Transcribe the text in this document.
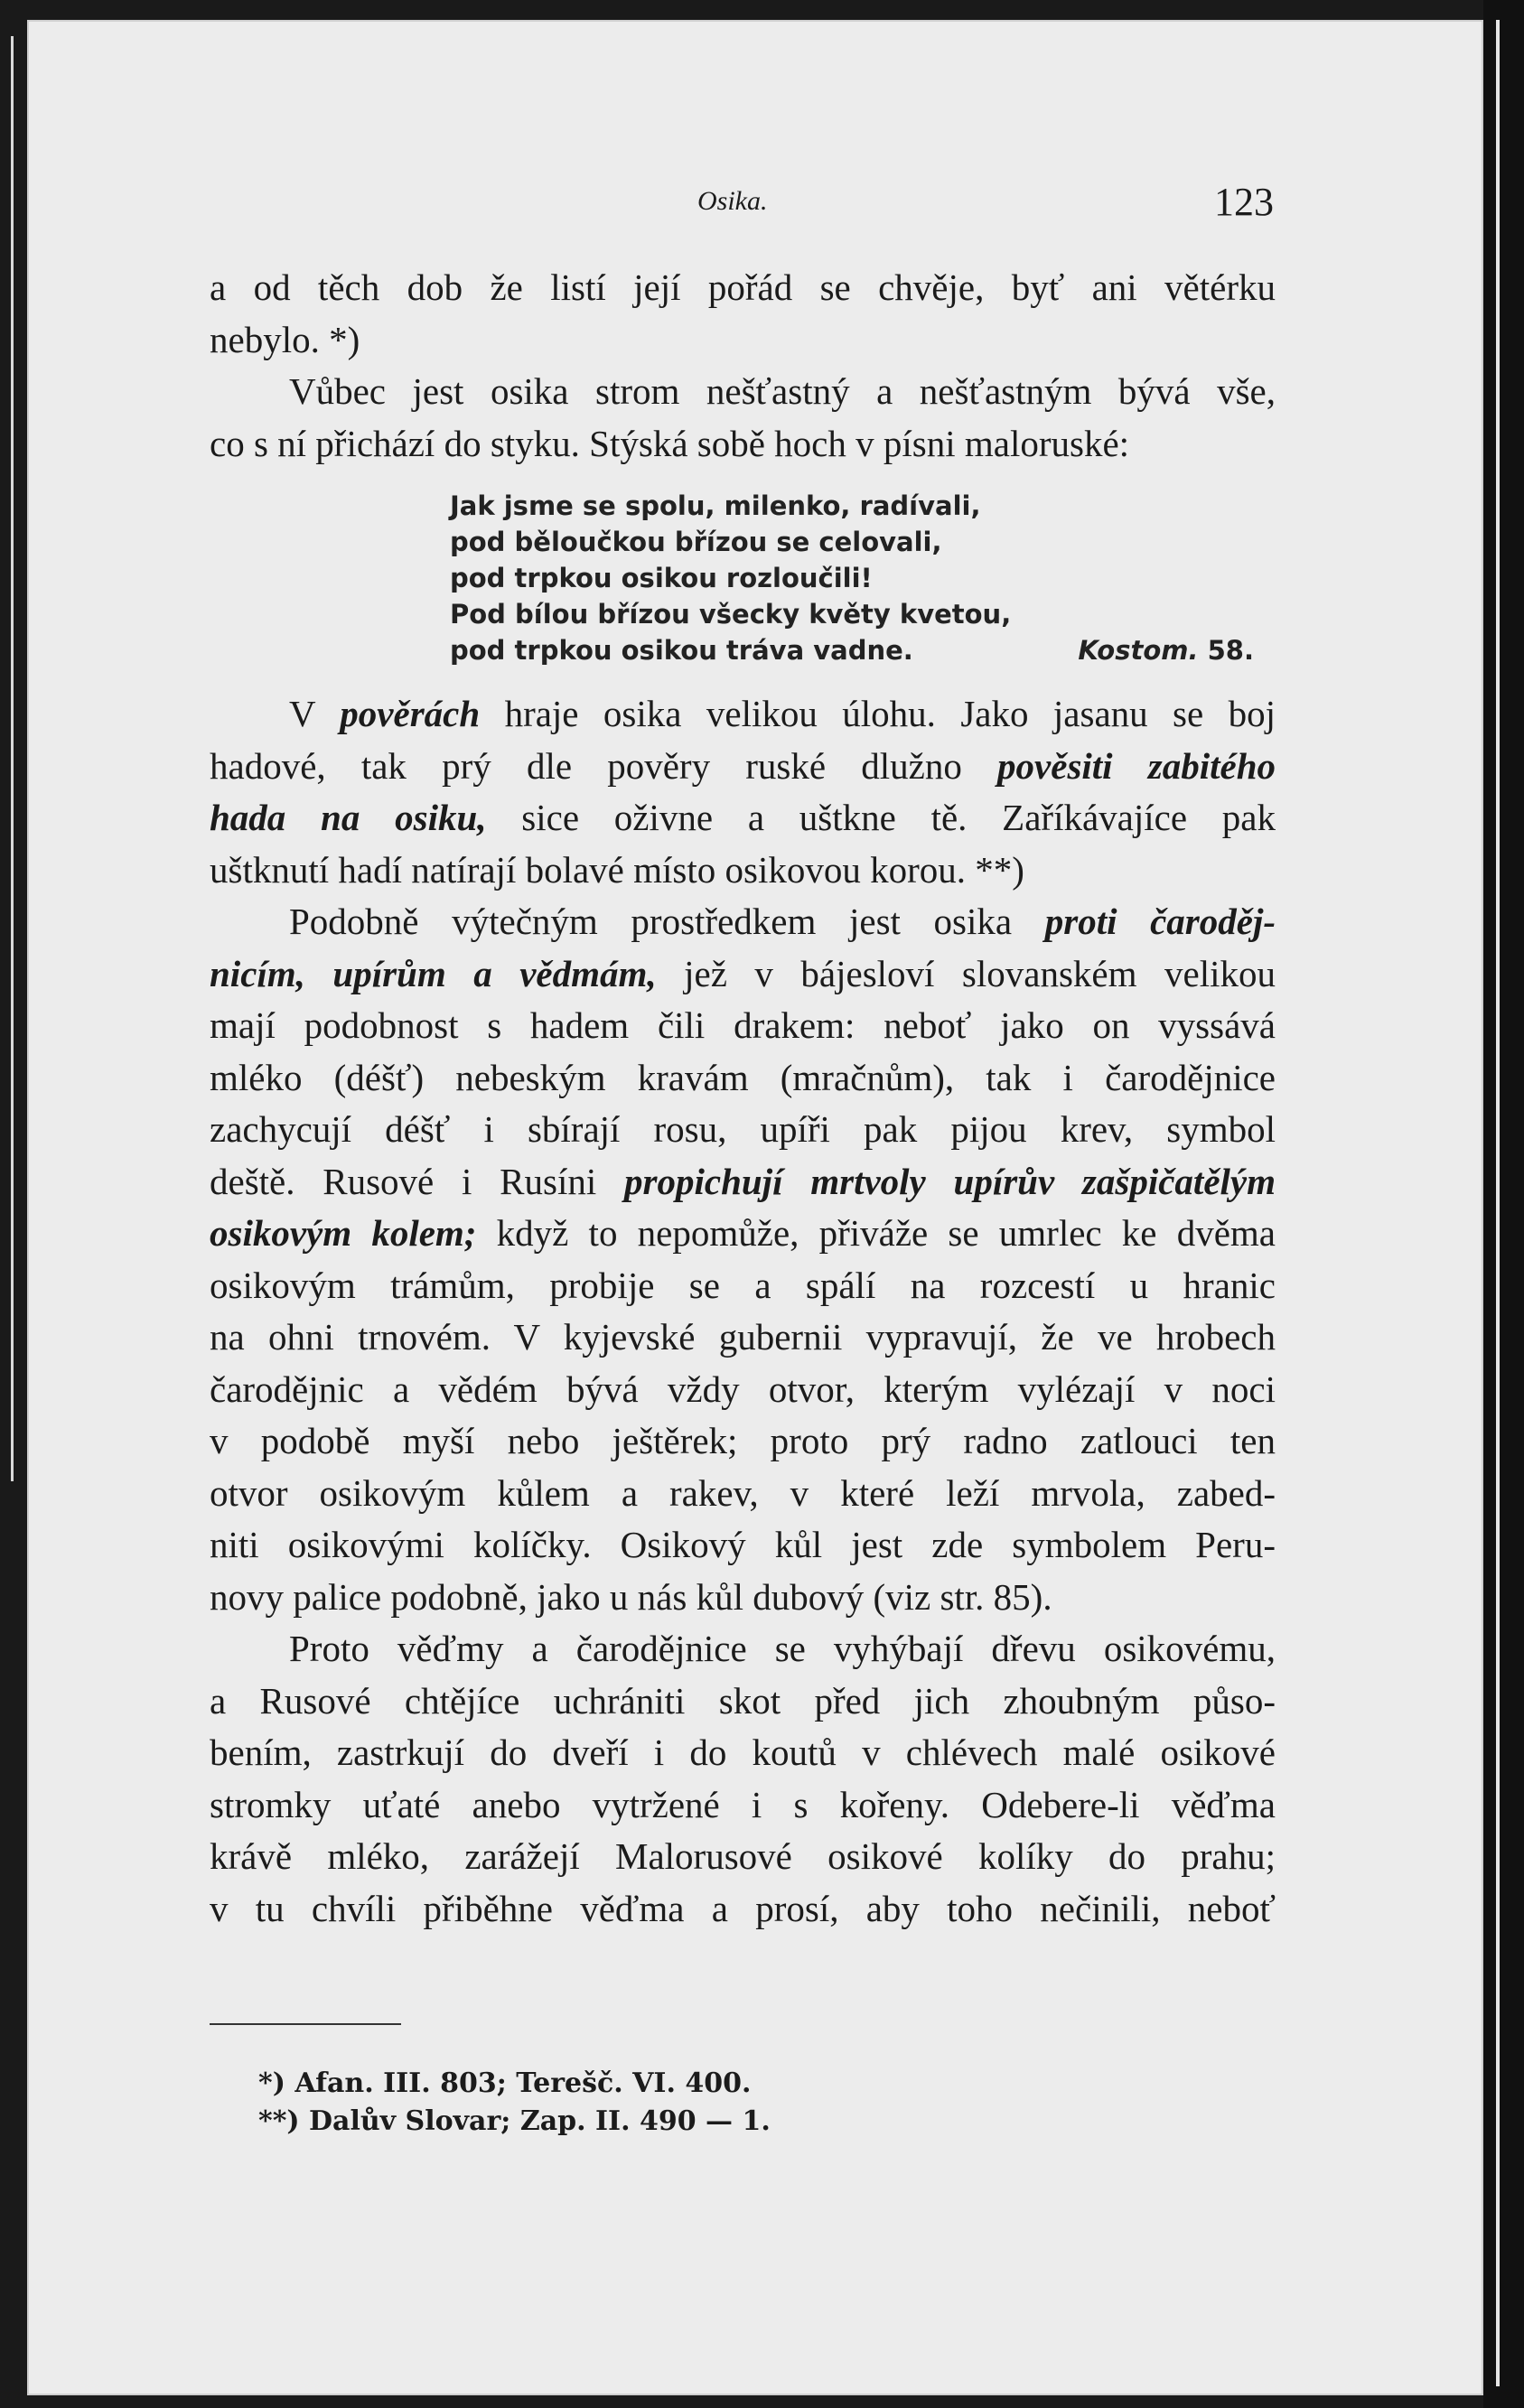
Osika.	123

a od těch dob že listí její pořád se chvěje, byť ani větérku
nebylo. *)

Vůbec jest osika strom nešťastný a nešťastným bývá vše,
co s ní přichází do styku. Stýská sobě hoch v písni maloruské:

Jak jsme se spolu, milenko, radívali,
pod běloučkou břízou se celovali,
pod trpkou osikou rozloučili!
Pod bílou břízou všecky květy kvetou,
pod trpkou osikou tráva vadne.	Kostom. 58.

V pověrách hraje osika velikou úlohu. Jako jasanu se boj
hadové, tak prý dle pověry ruské dlužno pověsiti zabitého
hada na osiku, sice oživne a uštkne tě. Zaříkávajíce pak
uštknutí hadí natírají bolavé místo osikovou korou. **)

Podobně výtečným prostředkem jest osika proti čaroděj-
nicím, upírům a vědmám, jež v bájesloví slovanském velikou
mají podobnost s hadem čili drakem: neboť jako on vyssává
mléko (déšť) nebeským kravám (mračnům), tak i čarodějnice
zachycují déšť i sbírají rosu, upíři pak pijou krev, symbol
deště. Rusové i Rusíni propichují mrtvoly upírův zašpičatělým
osikovým kolem; když to nepomůže, přiváže se umrlec ke dvěma
osikovým trámům, probije se a spálí na rozcestí u hranic
na ohni trnovém. V kyjevské gubernii vypravují, že ve hrobech
čarodějnic a vědém bývá vždy otvor, kterým vylézají v noci
v podobě myší nebo ještěrek; proto prý radno zatlouci ten
otvor osikovým kůlem a rakev, v které leží mrvola, zabed-
niti osikovými kolíčky. Osikový kůl jest zde symbolem Peru-
novy palice podobně, jako u nás kůl dubový (viz str. 85).

Proto věďmy a čarodějnice se vyhýbají dřevu osikovému,
a Rusové chtějíce uchrániti skot před jich zhoubným půso-
bením, zastrkují do dveří i do koutů v chlévech malé osikové
stromky uťaté anebo vytržené i s kořeny. Odebere-li věďma
krávě mléko, zarážejí Malorusové osikové kolíky do prahu;
v tu chvíli přiběhne věďma a prosí, aby toho nečinili, neboť

*) Afan. III. 803; Terešč. VI. 400.
**) Dalův Slovar; Zap. II. 490 — 1.
